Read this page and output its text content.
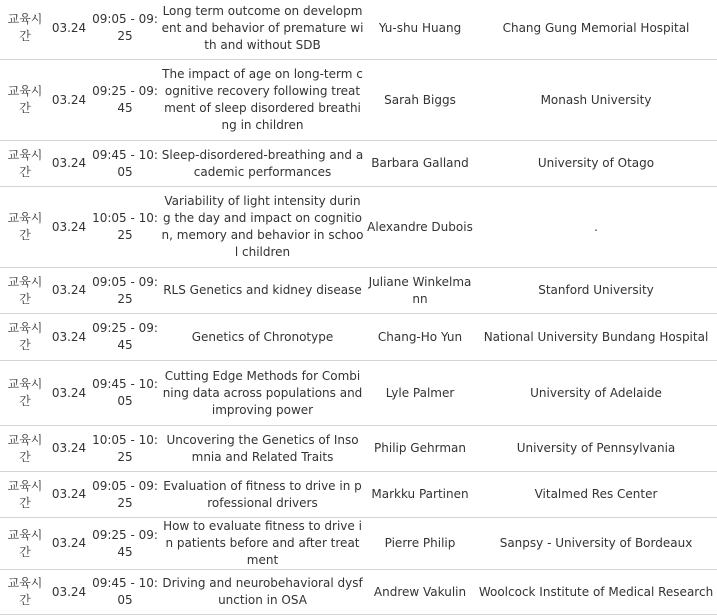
교육시간	03.24	09:05 - 09:25	Long term outcome on development and behavior of premature with and without SDB	Yu-shu Huang	Chang Gung Memorial Hospital
교육시간	03.24	09:25 - 09:45	The impact of age on long-term cognitive recovery following treatment of sleep disordered breathing in children	Sarah Biggs	Monash University
교육시간	03.24	09:45 - 10:05	Sleep-disordered-breathing and academic performances	Barbara Galland	University of Otago
교육시간	03.24	10:05 - 10:25	Variability of light intensity during the day and impact on cognition, memory and behavior in school children	Alexandre Dubois	.
교육시간	03.24	09:05 - 09:25	RLS Genetics and kidney disease	Juliane Winkelmann	Stanford University
교육시간	03.24	09:25 - 09:45	Genetics of Chronotype	Chang-Ho Yun	National University Bundang Hospital
교육시간	03.24	09:45 - 10:05	Cutting Edge Methods for Combining data across populations and improving power	Lyle Palmer	University of Adelaide
교육시간	03.24	10:05 - 10:25	Uncovering the Genetics of Insomnia and Related Traits	Philip Gehrman	University of Pennsylvania
교육시간	03.24	09:05 - 09:25	Evaluation of fitness to drive in professional drivers	Markku Partinen	Vitalmed Res Center
교육시간	03.24	09:25 - 09:45	How to evaluate fitness to drive in patients before and after treatment	Pierre Philip	Sanpsy - University of Bordeaux
교육시간	03.24	09:45 - 10:05	Driving and neurobehavioral dysfunction in OSA	Andrew Vakulin	Woolcock Institute of Medical Research
